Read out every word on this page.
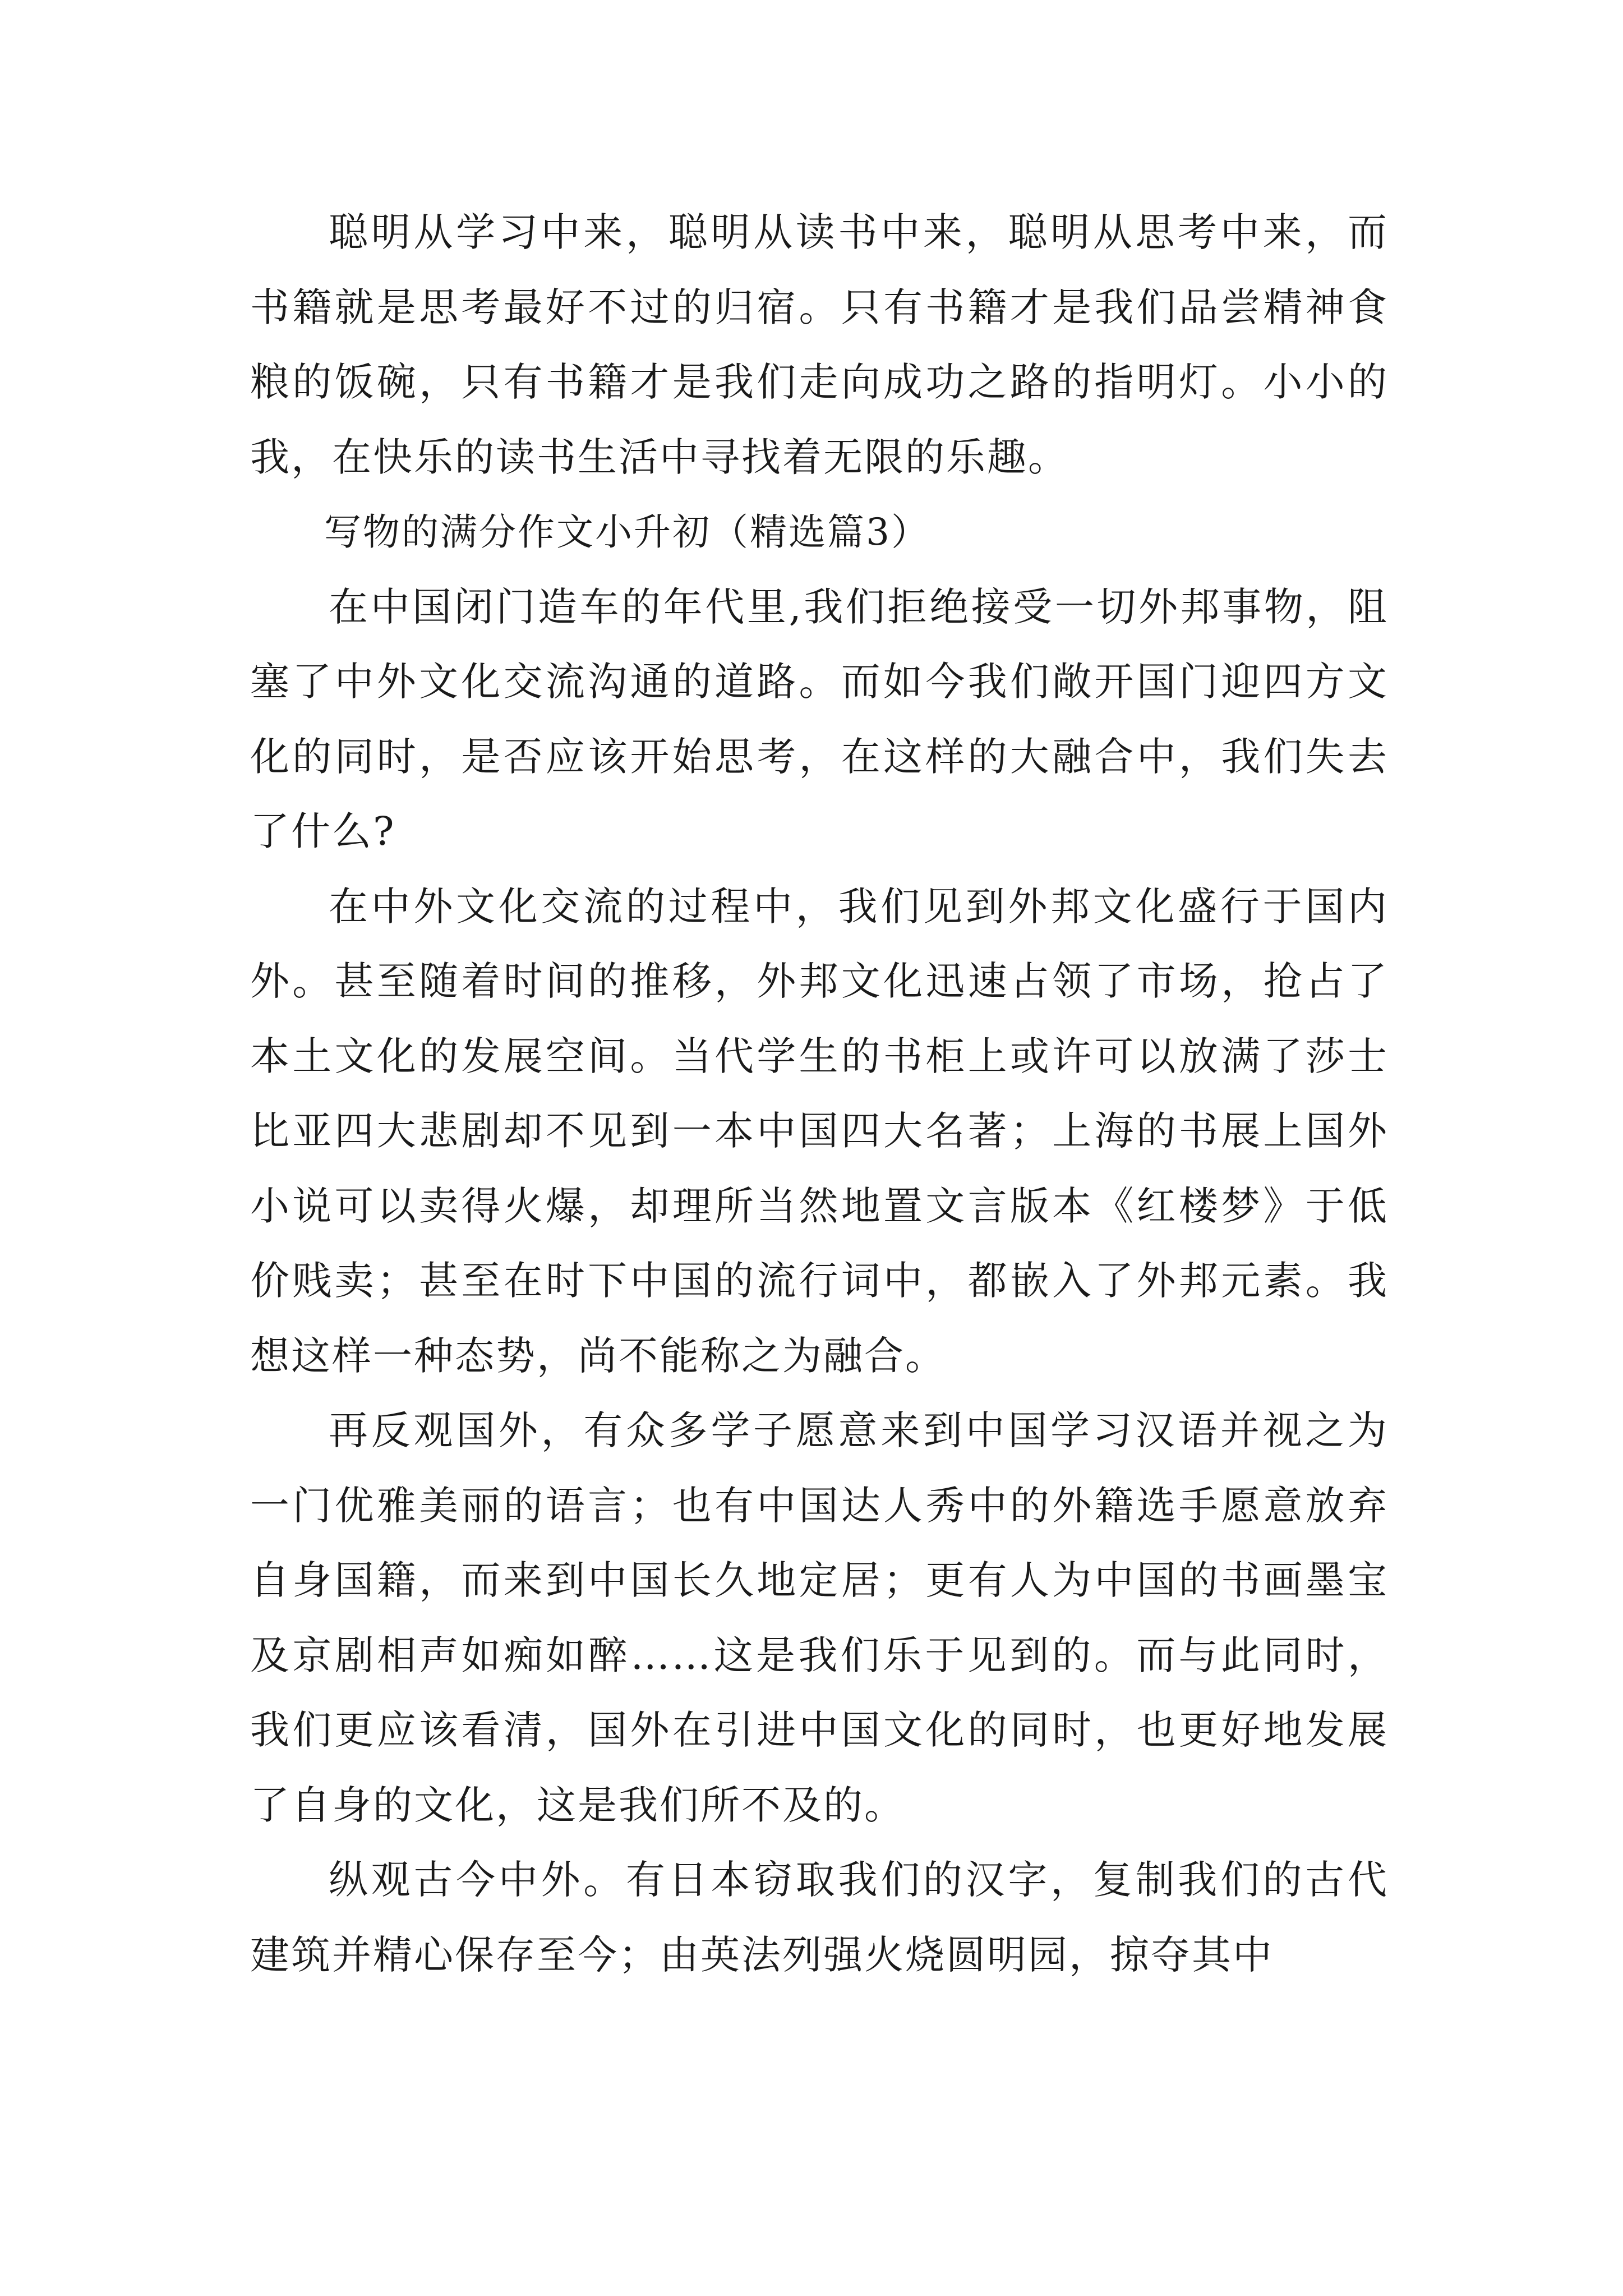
聪明从学习中来，聪明从读书中来，聪明从思考中来，而书籍就是思考最好不过的归宿。只有书籍才是我们品尝精神食粮的饭碗，只有书籍才是我们走向成功之路的指明灯。小小的我，在快乐的读书生活中寻找着无限的乐趣。

写物的满分作文小升初（精选篇3）

在中国闭门造车的年代里,我们拒绝接受一切外邦事物，阻塞了中外文化交流沟通的道路。而如今我们敞开国门迎四方文化的同时，是否应该开始思考，在这样的大融合中，我们失去了什么?

在中外文化交流的过程中，我们见到外邦文化盛行于国内外。甚至随着时间的推移，外邦文化迅速占领了市场，抢占了本土文化的发展空间。当代学生的书柜上或许可以放满了莎士比亚四大悲剧却不见到一本中国四大名著；上海的书展上国外小说可以卖得火爆，却理所当然地置文言版本《红楼梦》于低价贱卖；甚至在时下中国的流行词中，都嵌入了外邦元素。我想这样一种态势，尚不能称之为融合。

再反观国外，有众多学子愿意来到中国学习汉语并视之为一门优雅美丽的语言；也有中国达人秀中的外籍选手愿意放弃自身国籍，而来到中国长久地定居；更有人为中国的书画墨宝及京剧相声如痴如醉……这是我们乐于见到的。而与此同时，我们更应该看清，国外在引进中国文化的同时，也更好地发展了自身的文化，这是我们所不及的。

纵观古今中外。有日本窃取我们的汉字，复制我们的古代建筑并精心保存至今；由英法列强火烧圆明园，掠夺其中
